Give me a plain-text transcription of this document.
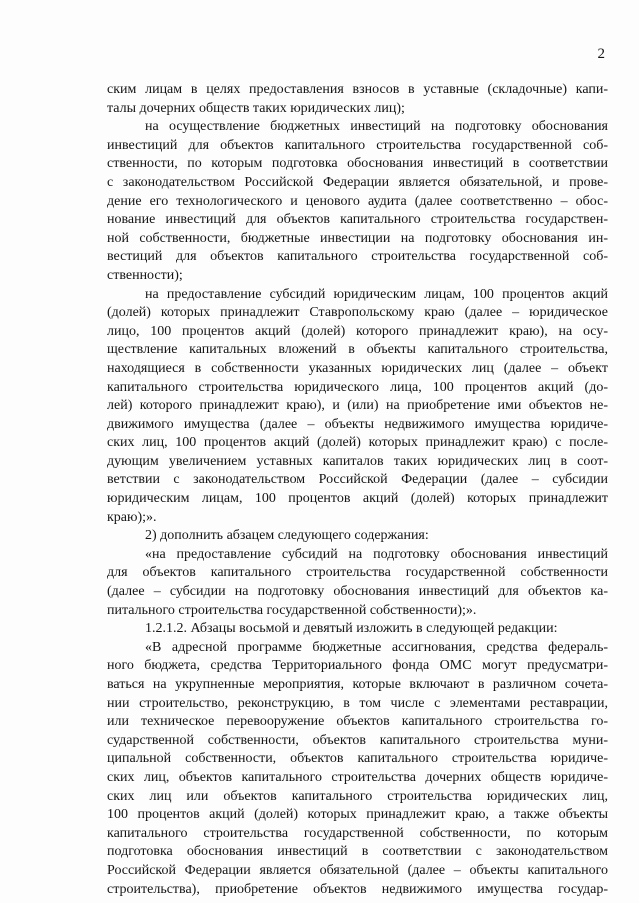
2
ским лицам в целях предоставления взносов в уставные (складочные) капи-
талы дочерних обществ таких юридических лиц);
на осуществление бюджетных инвестиций на подготовку обоснования
инвестиций для объектов капитального строительства государственной соб-
ственности, по которым подготовка обоснования инвестиций в соответствии
с законодательством Российской Федерации является обязательной, и прове-
дение его технологического и ценового аудита (далее соответственно – обос-
нование инвестиций для объектов капитального строительства государствен-
ной собственности, бюджетные инвестиции на подготовку обоснования ин-
вестиций для объектов капитального строительства государственной соб-
ственности);
на предоставление субсидий юридическим лицам, 100 процентов акций
(долей) которых принадлежит Ставропольскому краю (далее – юридическое
лицо, 100 процентов акций (долей) которого принадлежит краю), на осу-
ществление капитальных вложений в объекты капитального строительства,
находящиеся в собственности указанных юридических лиц (далее – объект
капитального строительства юридического лица, 100 процентов акций (до-
лей) которого принадлежит краю), и (или) на приобретение ими объектов не-
движимого имущества (далее – объекты недвижимого имущества юридиче-
ских лиц, 100 процентов акций (долей) которых принадлежит краю) с после-
дующим увеличением уставных капиталов таких юридических лиц в соот-
ветствии с законодательством Российской Федерации (далее – субсидии
юридическим лицам, 100 процентов акций (долей) которых принадлежит
краю);».
2) дополнить абзацем следующего содержания:
«на предоставление субсидий на подготовку обоснования инвестиций
для объектов капитального строительства государственной собственности
(далее – субсидии на подготовку обоснования инвестиций для объектов ка-
питального строительства государственной собственности);».
1.2.1.2. Абзацы восьмой и девятый изложить в следующей редакции:
«В адресной программе бюджетные ассигнования, средства федераль-
ного бюджета, средства Территориального фонда ОМС могут предусматри-
ваться на укрупненные мероприятия, которые включают в различном сочета-
нии строительство, реконструкцию, в том числе с элементами реставрации,
или техническое перевооружение объектов капитального строительства го-
сударственной собственности, объектов капитального строительства муни-
ципальной собственности, объектов капитального строительства юридиче-
ских лиц, объектов капитального строительства дочерних обществ юридиче-
ских лиц или объектов капитального строительства юридических лиц,
100 процентов акций (долей) которых принадлежит краю, а также объекты
капитального строительства государственной собственности, по которым
подготовка обоснования инвестиций в соответствии с законодательством
Российской Федерации является обязательной (далее – объекты капитального
строительства), приобретение объектов недвижимого имущества государ-
